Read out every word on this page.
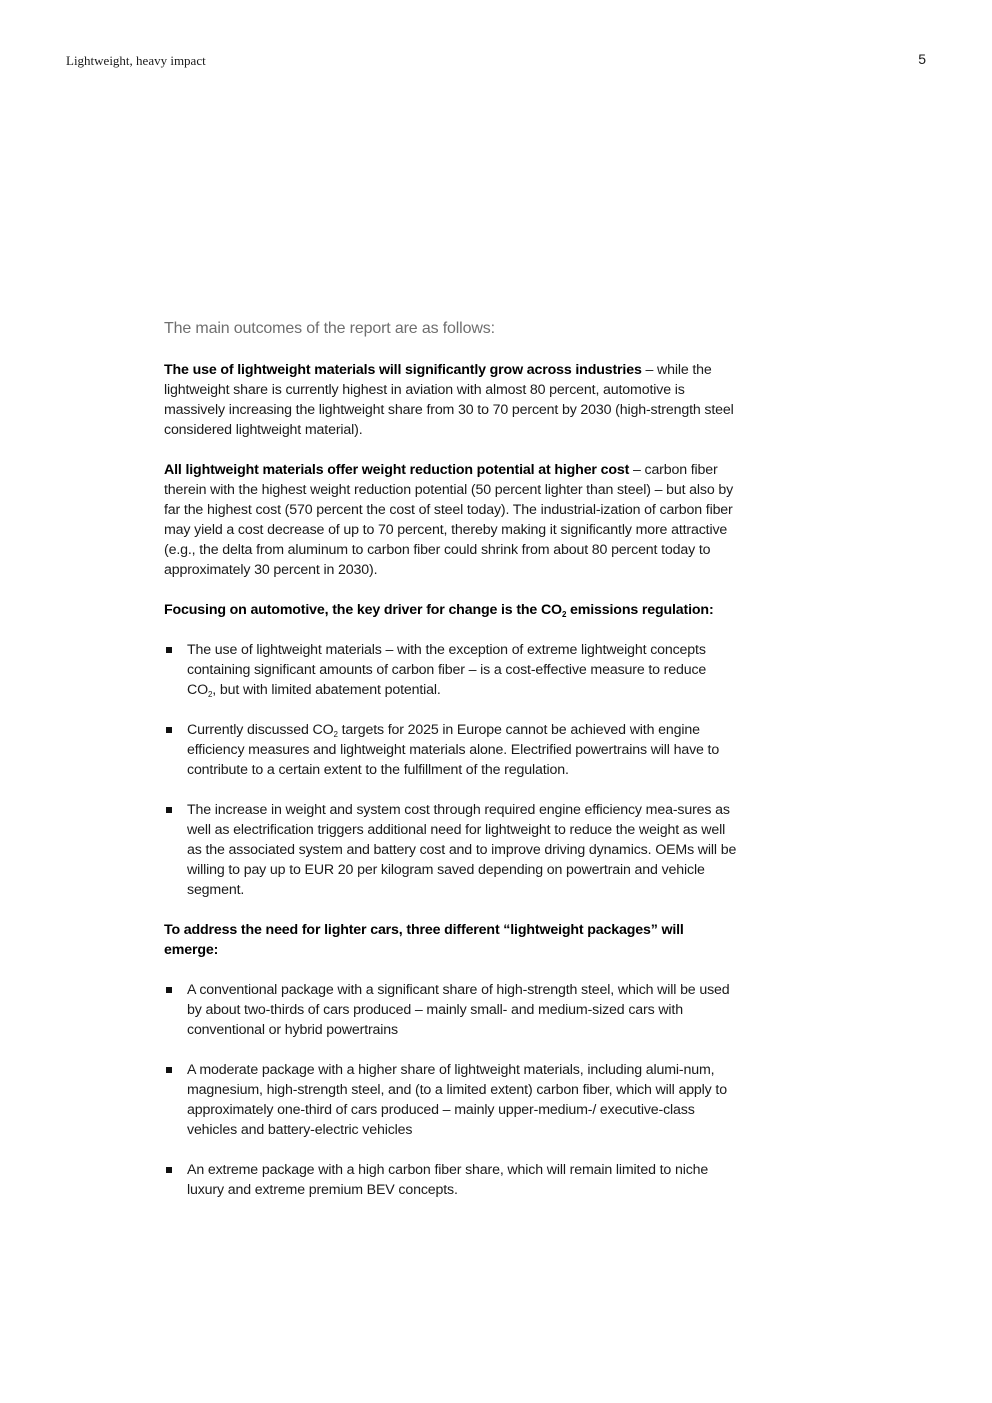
Lightweight, heavy impact	5
The main outcomes of the report are as follows:

The use of lightweight materials will significantly grow across industries – while the lightweight share is currently highest in aviation with almost 80 percent, automotive is massively increasing the lightweight share from 30 to 70 percent by 2030 (high-strength steel considered lightweight material).

All lightweight materials offer weight reduction potential at higher cost – carbon fiber therein with the highest weight reduction potential (50 percent lighter than steel) – but also by far the highest cost (570 percent the cost of steel today). The industrial-ization of carbon fiber may yield a cost decrease of up to 70 percent, thereby making it significantly more attractive (e.g., the delta from aluminum to carbon fiber could shrink from about 80 percent today to approximately 30 percent in 2030).

Focusing on automotive, the key driver for change is the $CO_2$ emissions regulation:
The use of lightweight materials – with the exception of extreme lightweight concepts containing significant amounts of carbon fiber – is a cost-effective measure to reduce $CO_2$, but with limited abatement potential.
Currently discussed $CO_2$ targets for 2025 in Europe cannot be achieved with engine efficiency measures and lightweight materials alone. Electrified powertrains will have to contribute to a certain extent to the fulfillment of the regulation.
The increase in weight and system cost through required engine efficiency mea-sures as well as electrification triggers additional need for lightweight to reduce the weight as well as the associated system and battery cost and to improve driving dynamics. OEMs will be willing to pay up to EUR 20 per kilogram saved depending on powertrain and vehicle segment.
To address the need for lighter cars, three different “lightweight packages” will emerge:
A conventional package with a significant share of high-strength steel, which will be used by about two-thirds of cars produced – mainly small- and medium-sized cars with conventional or hybrid powertrains
A moderate package with a higher share of lightweight materials, including alumi-num, magnesium, high-strength steel, and (to a limited extent) carbon fiber, which will apply to approximately one-third of cars produced – mainly upper-medium-/ executive-class vehicles and battery-electric vehicles
An extreme package with a high carbon fiber share, which will remain limited to niche luxury and extreme premium BEV concepts.
